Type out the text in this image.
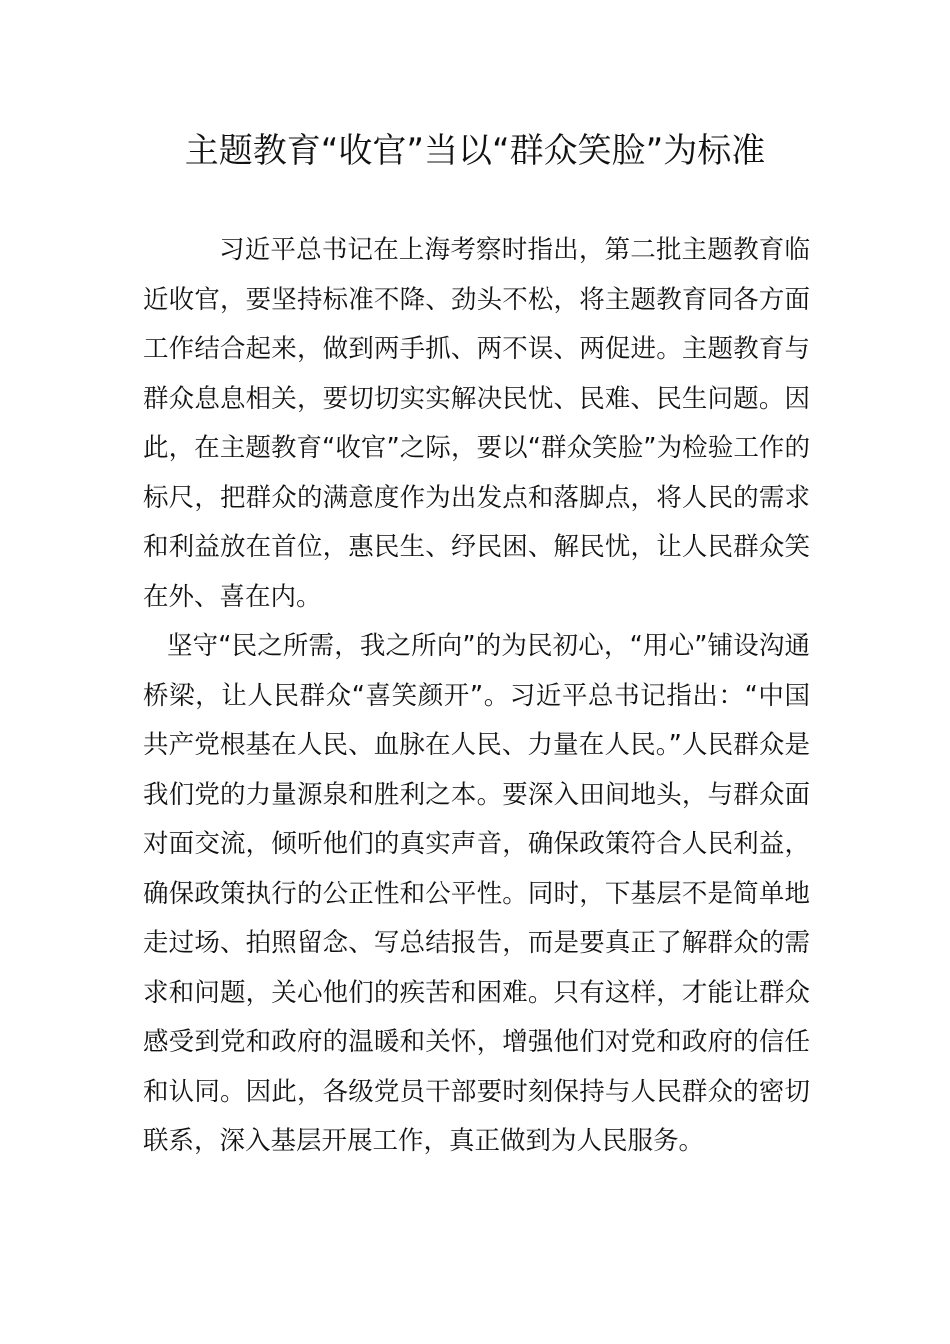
主题教育“收官”当以“群众笑脸”为标准

习近平总书记在上海考察时指出，第二批主题教育临近收官，要坚持标准不降、劲头不松，将主题教育同各方面工作结合起来，做到两手抓、两不误、两促进。主题教育与群众息息相关，要切切实实解决民忧、民难、民生问题。因此，在主题教育“收官”之际，要以“群众笑脸”为检验工作的标尺，把群众的满意度作为出发点和落脚点，将人民的需求和利益放在首位，惠民生、纾民困、解民忧，让人民群众笑在外、喜在内。

坚守“民之所需，我之所向”的为民初心，“用心”铺设沟通桥梁，让人民群众“喜笑颜开”。习近平总书记指出：“中国共产党根基在人民、血脉在人民、力量在人民。”人民群众是我们党的力量源泉和胜利之本。要深入田间地头，与群众面对面交流，倾听他们的真实声音，确保政策符合人民利益，确保政策执行的公正性和公平性。同时，下基层不是简单地走过场、拍照留念、写总结报告，而是要真正了解群众的需求和问题，关心他们的疾苦和困难。只有这样，才能让群众感受到党和政府的温暖和关怀，增强他们对党和政府的信任和认同。因此，各级党员干部要时刻保持与人民群众的密切联系，深入基层开展工作，真正做到为人民服务。
